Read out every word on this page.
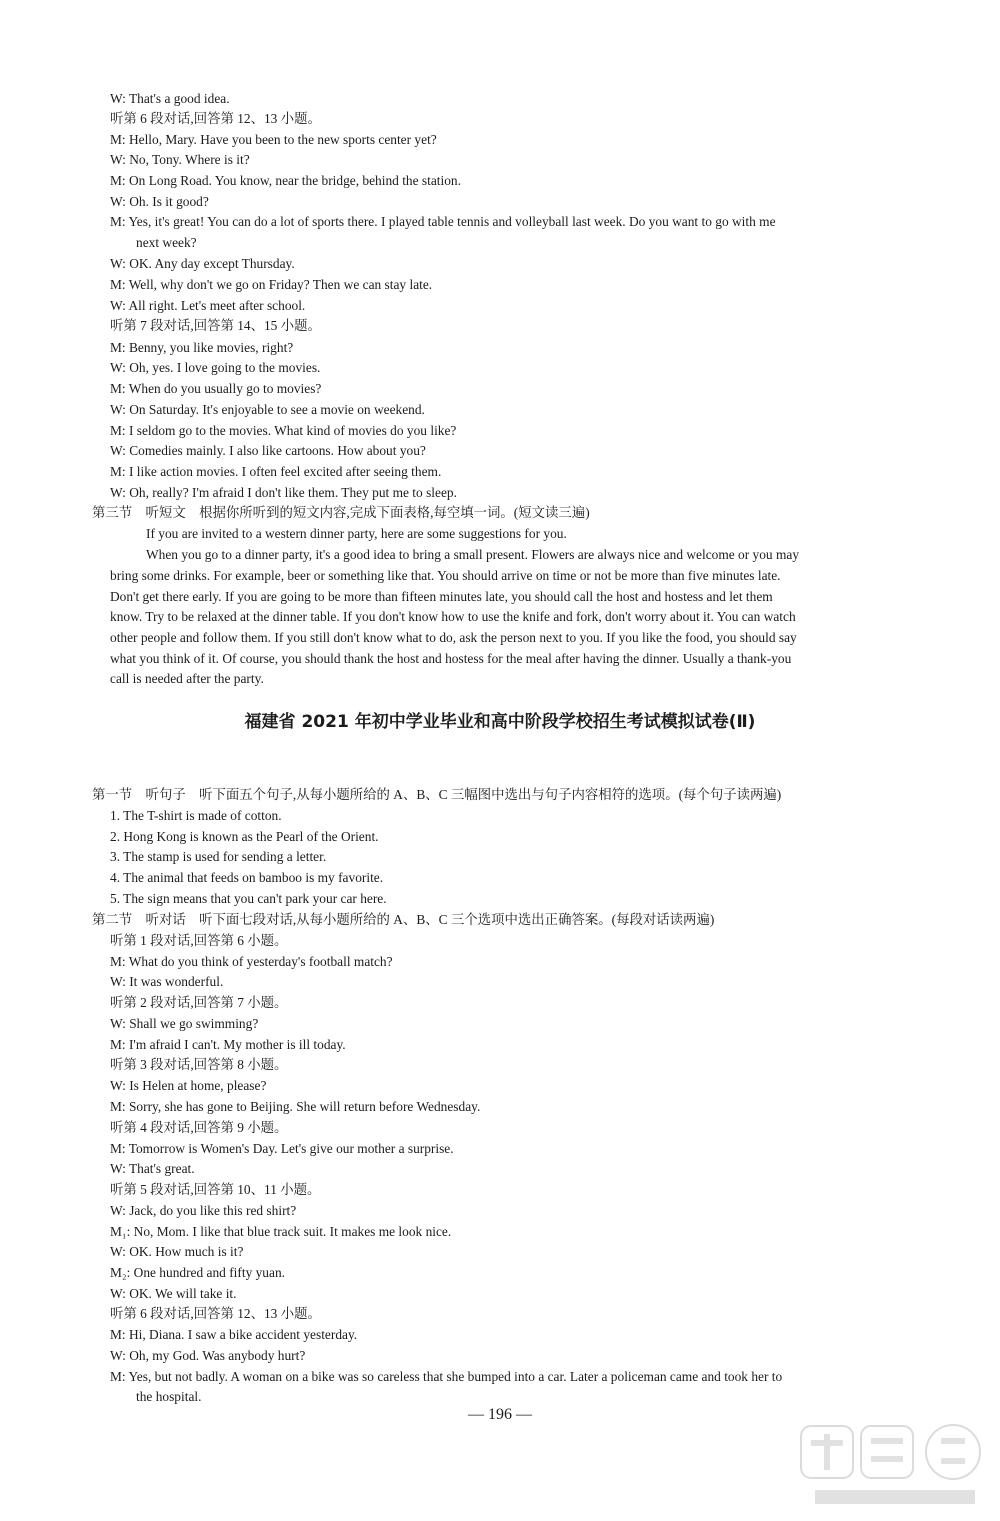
W: That's a good idea.
听第 6 段对话,回答第 12、13 小题。
M: Hello, Mary. Have you been to the new sports center yet?
W: No, Tony. Where is it?
M: On Long Road. You know, near the bridge, behind the station.
W: Oh. Is it good?
M: Yes, it's great! You can do a lot of sports there. I played table tennis and volleyball last week. Do you want to go with me
next week?
W: OK. Any day except Thursday.
M: Well, why don't we go on Friday? Then we can stay late.
W: All right. Let's meet after school.
听第 7 段对话,回答第 14、15 小题。
M: Benny, you like movies, right?
W: Oh, yes. I love going to the movies.
M: When do you usually go to movies?
W: On Saturday. It's enjoyable to see a movie on weekend.
M: I seldom go to the movies. What kind of movies do you like?
W: Comedies mainly. I also like cartoons. How about you?
M: I like action movies. I often feel excited after seeing them.
W: Oh, really? I'm afraid I don't like them. They put me to sleep.
第三节　听短文　根据你所听到的短文内容,完成下面表格,每空填一词。(短文读三遍)
If you are invited to a western dinner party, here are some suggestions for you.
When you go to a dinner party, it's a good idea to bring a small present. Flowers are always nice and welcome or you may
bring some drinks. For example, beer or something like that. You should arrive on time or not be more than five minutes late.
Don't get there early. If you are going to be more than fifteen minutes late, you should call the host and hostess and let them
know. Try to be relaxed at the dinner table. If you don't know how to use the knife and fork, don't worry about it. You can watch
other people and follow them. If you still don't know what to do, ask the person next to you. If you like the food, you should say
what you think of it. Of course, you should thank the host and hostess for the meal after having the dinner. Usually a thank-you
call is needed after the party.
第一节　听句子　听下面五个句子,从每小题所给的 A、B、C 三幅图中选出与句子内容相符的选项。(每个句子读两遍)
1. The T-shirt is made of cotton.
2. Hong Kong is known as the Pearl of the Orient.
3. The stamp is used for sending a letter.
4. The animal that feeds on bamboo is my favorite.
5. The sign means that you can't park your car here.
第二节　听对话　听下面七段对话,从每小题所给的 A、B、C 三个选项中选出正确答案。(每段对话读两遍)
听第 1 段对话,回答第 6 小题。
M: What do you think of yesterday's football match?
W: It was wonderful.
听第 2 段对话,回答第 7 小题。
W: Shall we go swimming?
M: I'm afraid I can't. My mother is ill today.
听第 3 段对话,回答第 8 小题。
W: Is Helen at home, please?
M: Sorry, she has gone to Beijing. She will return before Wednesday.
听第 4 段对话,回答第 9 小题。
M: Tomorrow is Women's Day. Let's give our mother a surprise.
W: That's great.
听第 5 段对话,回答第 10、11 小题。
W: Jack, do you like this red shirt?
M₁: No, Mom. I like that blue track suit. It makes me look nice.
W: OK. How much is it?
M₂: One hundred and fifty yuan.
W: OK. We will take it.
听第 6 段对话,回答第 12、13 小题。
M: Hi, Diana. I saw a bike accident yesterday.
W: Oh, my God. Was anybody hurt?
M: Yes, but not badly. A woman on a bike was so careless that she bumped into a car. Later a policeman came and took her to
the hospital.
福建省 2021 年初中学业毕业和高中阶段学校招生考试模拟试卷(Ⅱ)
— 196 —
